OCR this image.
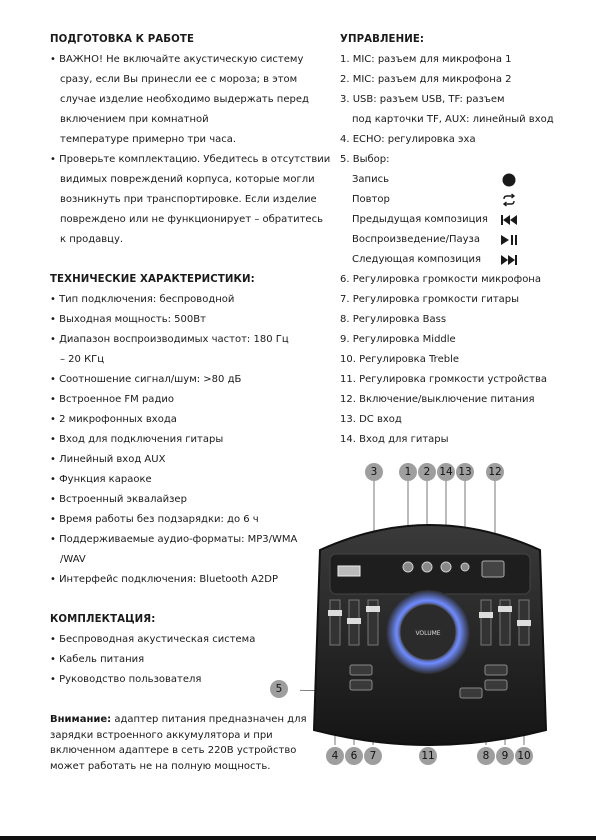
ПОДГОТОВКА К РАБОТЕ

• ВАЖНО! Не включайте акустическую систему

сразу, если Вы принесли ее с мороза; в этом

случае изделие необходимо выдержать перед

включением при комнатной

температуре примерно три часа.

• Проверьте комплектацию. Убедитесь в отсутствии

видимых повреждений корпуса, которые могли

возникнуть при транспортировке. Если изделие

повреждено или не функционирует – обратитесь

к продавцу.

ТЕХНИЧЕСКИЕ ХАРАКТЕРИСТИКИ:

• Тип подключения: беспроводной

• Выходная мощность: 500Вт

• Диапазон воспроизводимых частот: 180 Гц

– 20 КГц

• Соотношение сигнал/шум: >80 дБ

• Встроенное FM радио

• 2 микрофонных входа

• Вход для подключения гитары

• Линейный вход AUX

• Функция караоке

• Встроенный эквалайзер

• Время работы без подзарядки: до 6 ч

• Поддерживаемые аудио-форматы: MP3/WMA

/WAV

• Интерфейс подключения: Bluetooth A2DP

КОМПЛЕКТАЦИЯ:

• Беспроводная акустическая система

• Кабель питания

• Руководство пользователя

Внимание: адаптер питания предназначен для

зарядки встроенного аккумулятора и при

включенном адаптере в сеть 220В устройство

может работать не на полную мощность.

УПРАВЛЕНИЕ:

1. MIC: разъем для микрофона 1

2. MIC: разъем для микрофона 2

3. USB: разъем USB, TF: разъем

под карточки TF, AUX: линейный вход

4. ECHO: регулировка эха

5. Выбор:

Запись
Повтор
Предыдущая композиция
Воспроизведение/Пауза
Следующая композиция

6. Регулировка громкости микрофона

7. Регулировка громкости гитары

8. Регулировка Bass

9. Регулировка Middle

10. Регулировка Treble

11. Регулировка громкости устройства

12. Включение/выключение питания

13. DC вход

14. Вход для гитары

VOLUME
3	1	2 14 13 12
5
4	6	7	11	8	9 10
